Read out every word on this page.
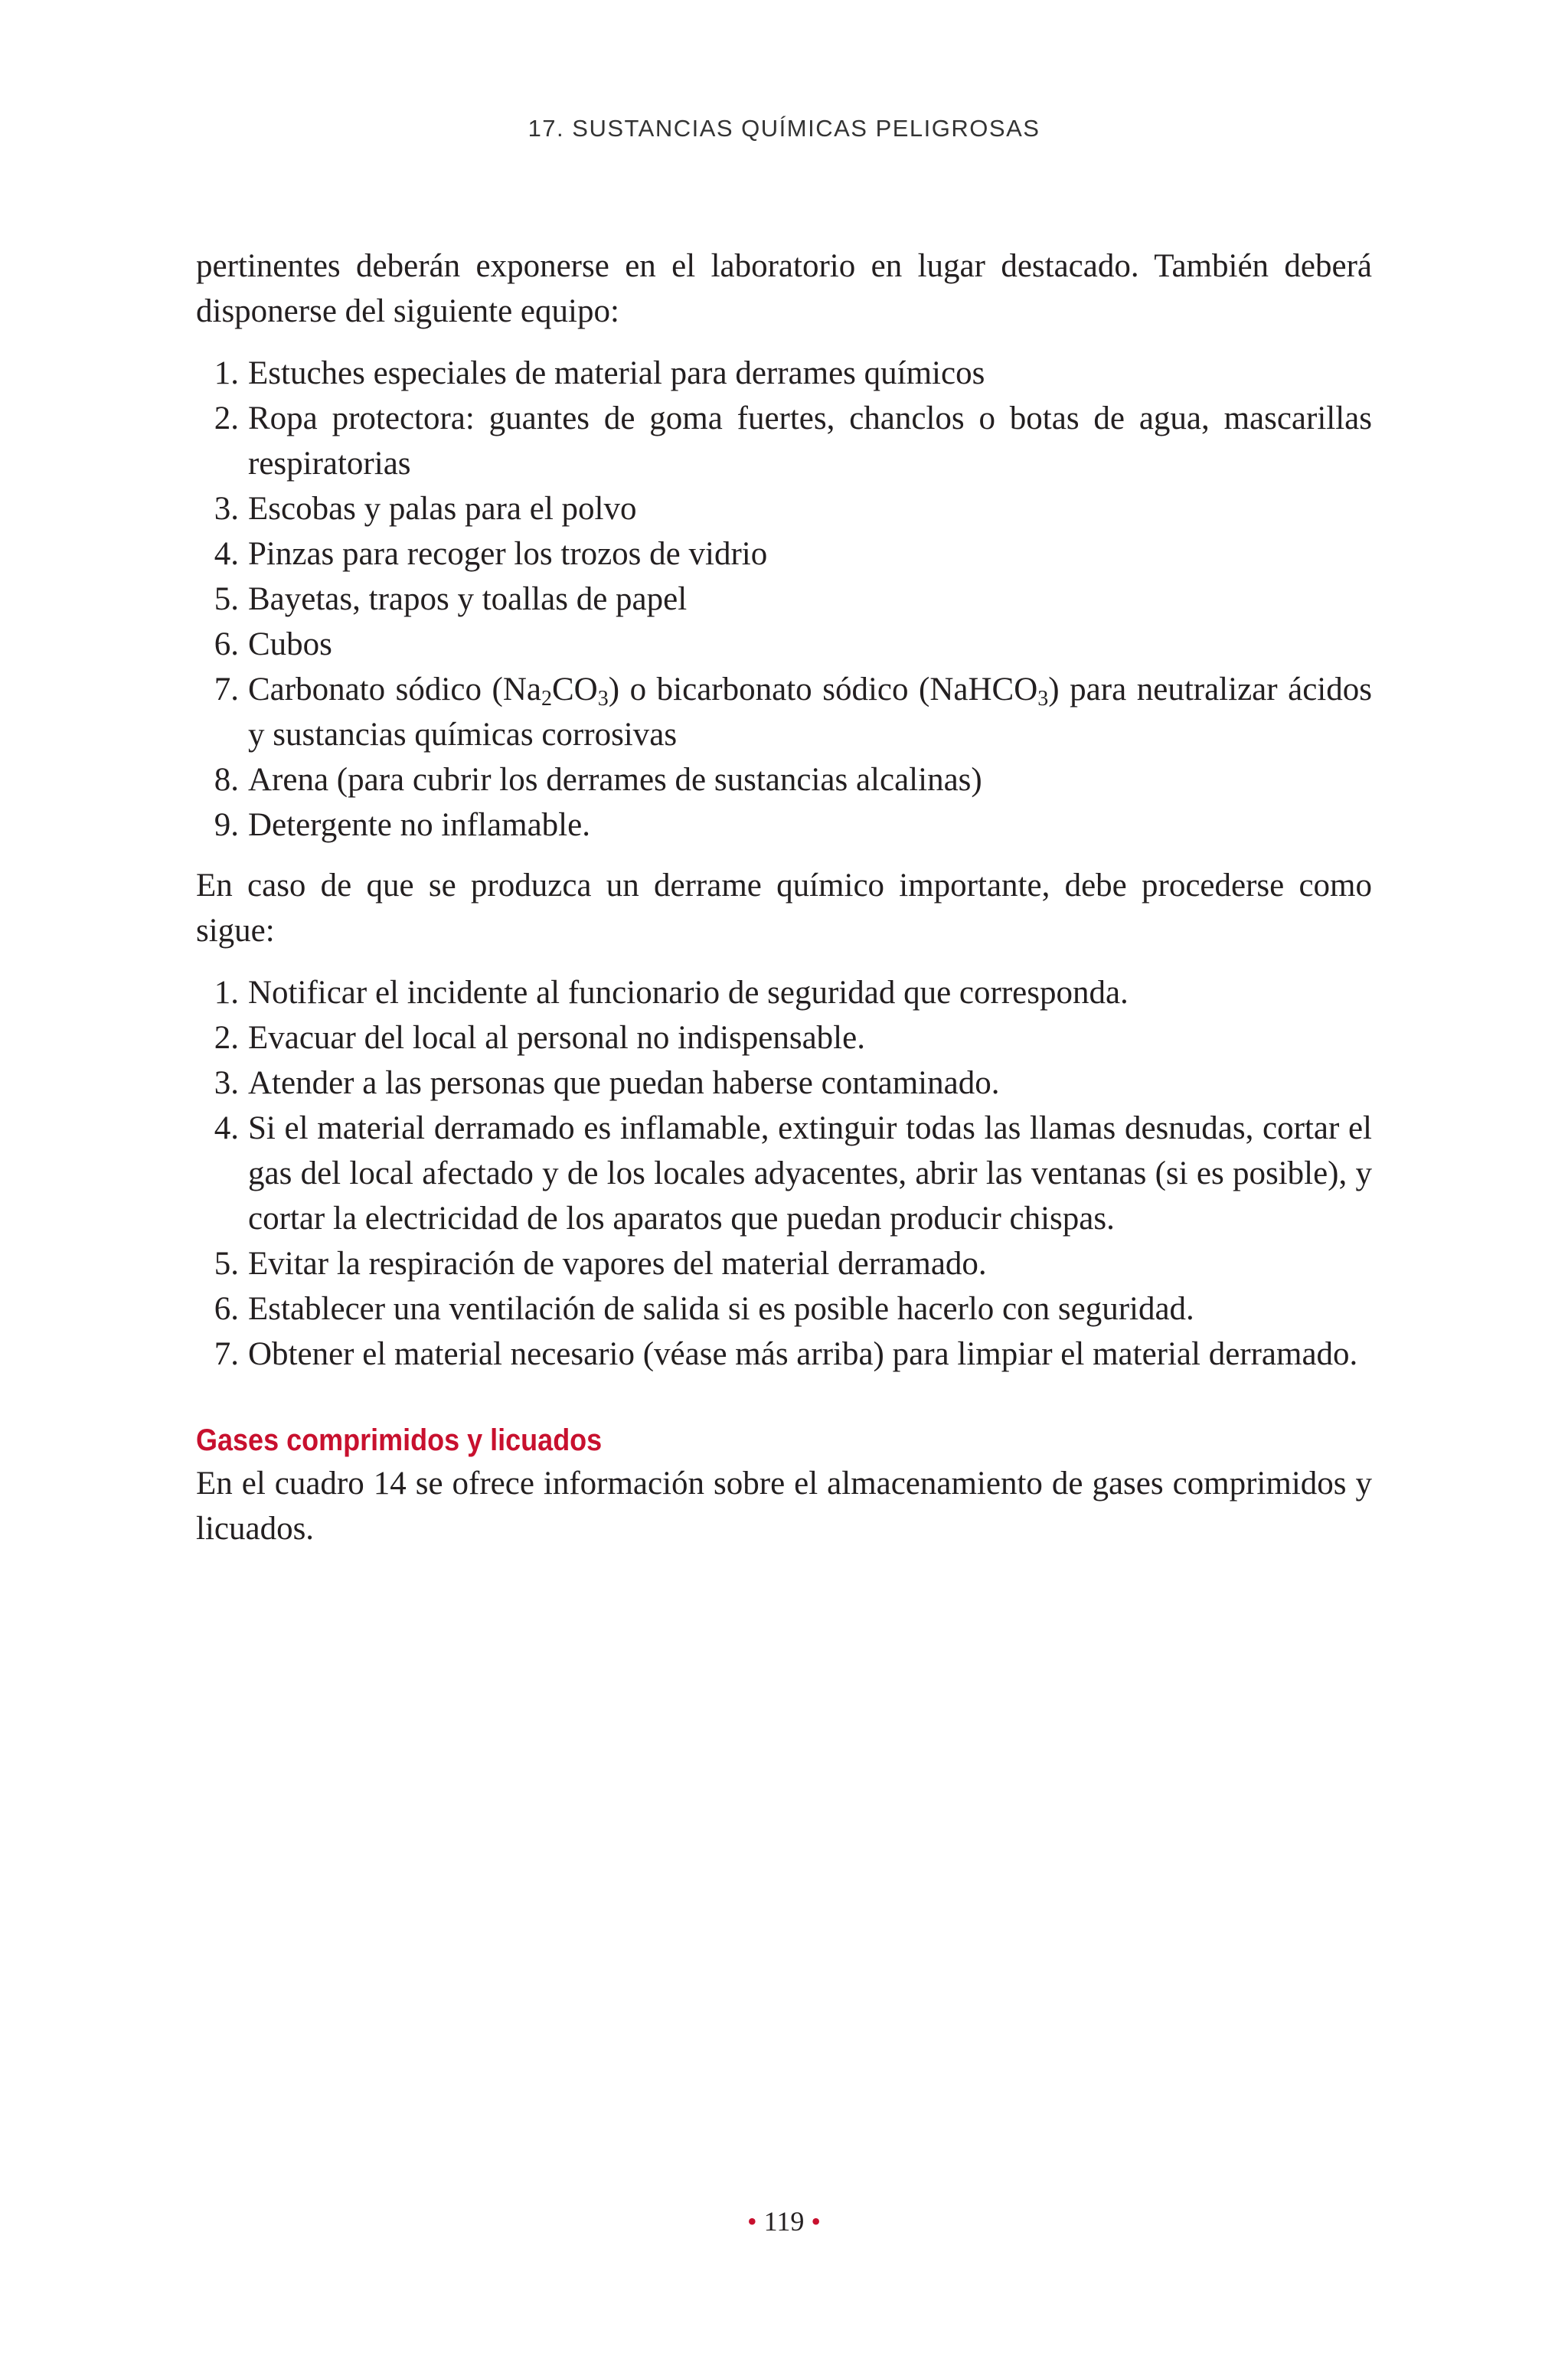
17. SUSTANCIAS QUÍMICAS PELIGROSAS

pertinentes deberán exponerse en el laboratorio en lugar destacado. También deberá disponerse del siguiente equipo:

1. Estuches especiales de material para derrames químicos
2. Ropa protectora: guantes de goma fuertes, chanclos o botas de agua, mascarillas respiratorias
3. Escobas y palas para el polvo
4. Pinzas para recoger los trozos de vidrio
5. Bayetas, trapos y toallas de papel
6. Cubos
7. Carbonato sódico $(Na_2CO_3)$ o bicarbonato sódico (NaHCO$_3$) para neutralizar ácidos y sustancias químicas corrosivas
8. Arena (para cubrir los derrames de sustancias alcalinas)
9. Detergente no inflamable.

En caso de que se produzca un derrame químico importante, debe procederse como sigue:

1. Notificar el incidente al funcionario de seguridad que corresponda.
2. Evacuar del local al personal no indispensable.
3. Atender a las personas que puedan haberse contaminado.
4. Si el material derramado es inflamable, extinguir todas las llamas desnudas, cortar el gas del local afectado y de los locales adyacentes, abrir las ventanas (si es posible), y cortar la electricidad de los aparatos que puedan producir chispas.
5. Evitar la respiración de vapores del material derramado.
6. Establecer una ventilación de salida si es posible hacerlo con seguridad.
7. Obtener el material necesario (véase más arriba) para limpiar el material derramado.
Gases comprimidos y licuados

En el cuadro 14 se ofrece información sobre el almacenamiento de gases comprimidos y licuados.

• 119 •
